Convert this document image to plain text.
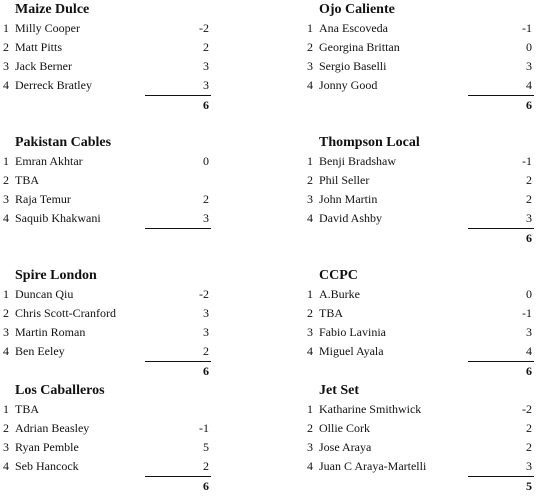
Maize Dulce
1 Milly Cooper	-2
2 Matt Pitts	2
3 Jack Berner	3
4 Derreck Bratley	3
6
Ojo Caliente
1 Ana Escoveda	-1
2 Georgina Brittan	0
3 Sergio Baselli	3
4 Jonny Good	4
6
Pakistan Cables
1 Emran Akhtar	0
2 TBA
3 Raja Temur	2
4 Saquib Khakwani	3
Thompson Local
1 Benji Bradshaw	-1
2 Phil Seller	2
3 John Martin	2
4 David Ashby	3
6
Spire London
1 Duncan Qiu	-2
2 Chris Scott-Cranford	3
3 Martin Roman	3
4 Ben Eeley	2
6
CCPC
1 A.Burke	0
2 TBA	-1
3 Fabio Lavinia	3
4 Miguel Ayala	4
6
Los Caballeros
1 TBA
2 Adrian Beasley	-1
3 Ryan Pemble	5
4 Seb Hancock	2
6
Jet Set
1 Katharine Smithwick	-2
2 Ollie Cork	2
3 Jose Araya	2
4 Juan C Araya-Martelli	3
5
